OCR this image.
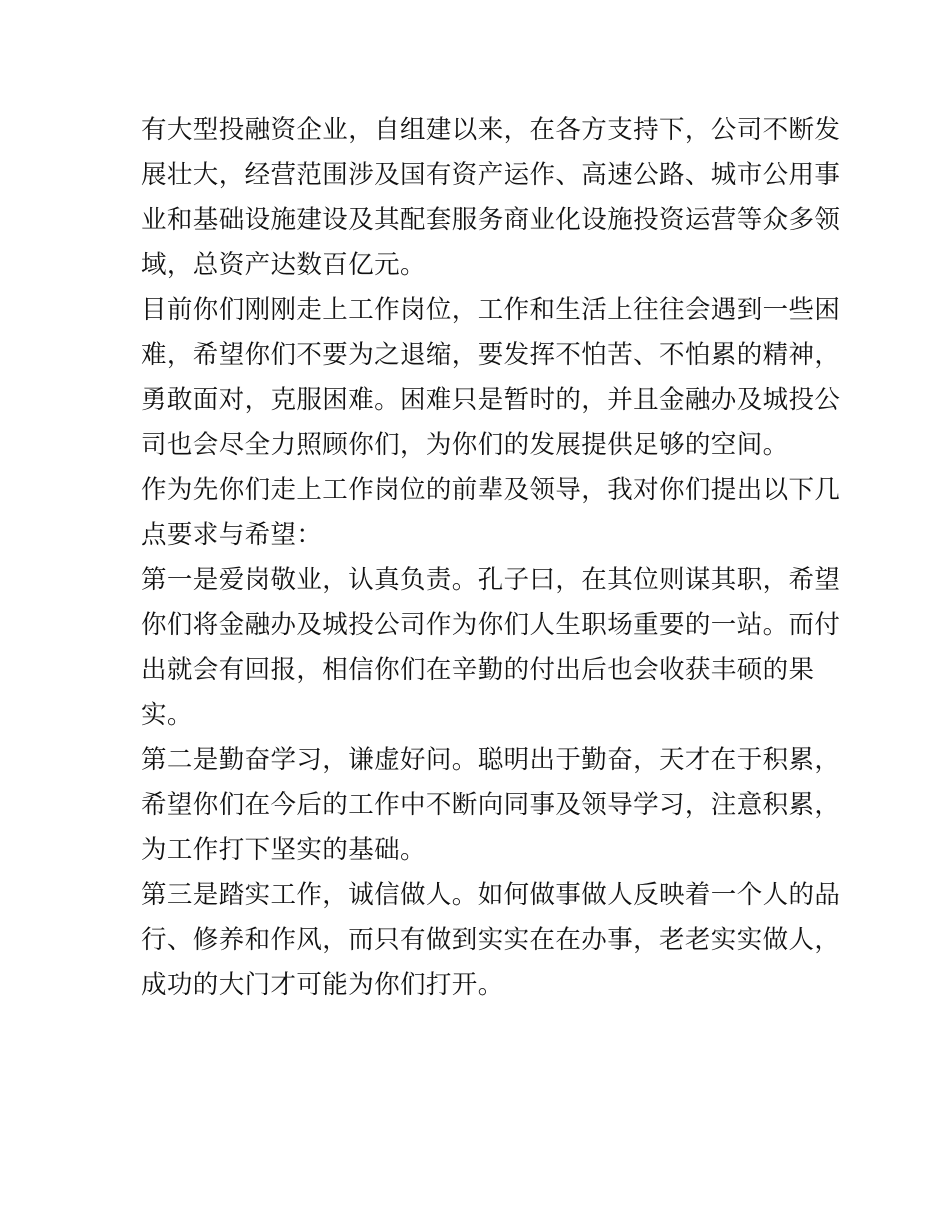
有大型投融资企业，自组建以来，在各方支持下，公司不断发
展壮大，经营范围涉及国有资产运作、高速公路、城市公用事
业和基础设施建设及其配套服务商业化设施投资运营等众多领
域，总资产达数百亿元。

目前你们刚刚走上工作岗位，工作和生活上往往会遇到一些困
难，希望你们不要为之退缩，要发挥不怕苦、不怕累的精神，
勇敢面对，克服困难。困难只是暂时的，并且金融办及城投公
司也会尽全力照顾你们，为你们的发展提供足够的空间。

作为先你们走上工作岗位的前辈及领导，我对你们提出以下几
点要求与希望：

第一是爱岗敬业，认真负责。孔子曰，在其位则谋其职，希望
你们将金融办及城投公司作为你们人生职场重要的一站。而付
出就会有回报，相信你们在辛勤的付出后也会收获丰硕的果
实。

第二是勤奋学习，谦虚好问。聪明出于勤奋，天才在于积累，
希望你们在今后的工作中不断向同事及领导学习，注意积累，
为工作打下坚实的基础。

第三是踏实工作，诚信做人。如何做事做人反映着一个人的品
行、修养和作风，而只有做到实实在在办事，老老实实做人，
成功的大门才可能为你们打开。
